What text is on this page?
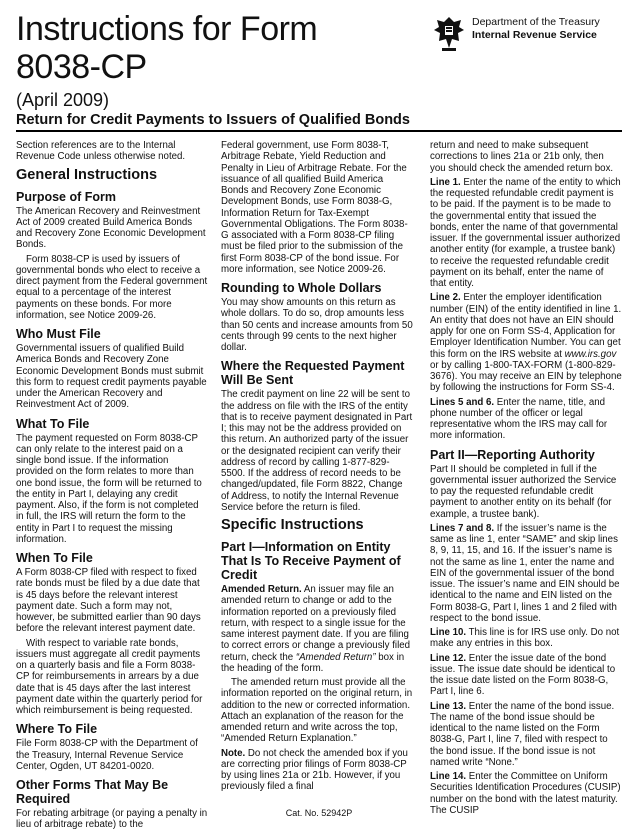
Instructions for Form
8038-CP
(April 2009)
Return for Credit Payments to Issuers of Qualified Bonds
Department of the Treasury
Internal Revenue Service

Section references are to the Internal Revenue Code unless otherwise noted.

General Instructions
Purpose of Form

The American Recovery and Reinvestment Act of 2009 created Build America Bonds and Recovery Zone Economic Development Bonds.

Form 8038-CP is used by issuers of governmental bonds who elect to receive a direct payment from the Federal government equal to a percentage of the interest payments on these bonds. For more information, see Notice 2009-26.

Who Must File

Governmental issuers of qualified Build America Bonds and Recovery Zone Economic Development Bonds must submit this form to request credit payments payable under the American Recovery and Reinvestment Act of 2009.

What To File

The payment requested on Form 8038-CP can only relate to the interest paid on a single bond issue. If the information provided on the form relates to more than one bond issue, the form will be returned to the entity in Part I, delaying any credit payment. Also, if the form is not completed in full, the IRS will return the form to the entity in Part I to request the missing information.

When To File

A Form 8038-CP filed with respect to fixed rate bonds must be filed by a due date that is 45 days before the relevant interest payment date. Such a form may not, however, be submitted earlier than 90 days before the relevant interest payment date.

With respect to variable rate bonds, issuers must aggregate all credit payments on a quarterly basis and file a Form 8038-CP for reimbursements in arrears by a due date that is 45 days after the last interest payment date within the quarterly period for which reimbursement is being requested.

Where To File

File Form 8038-CP with the Department of the Treasury, Internal Revenue Service Center, Ogden, UT 84201-0020.

Other Forms That May Be Required

For rebating arbitrage (or paying a penalty in lieu of arbitrage rebate) to the

Federal government, use Form 8038-T, Arbitrage Rebate, Yield Reduction and Penalty in Lieu of Arbitrage Rebate. For the issuance of all qualified Build America Bonds and Recovery Zone Economic Development Bonds, use Form 8038-G, Information Return for Tax-Exempt Governmental Obligations. The Form 8038-G associated with a Form 8038-CP filing must be filed prior to the submission of the first Form 8038-CP of the bond issue. For more information, see Notice 2009-26.

Rounding to Whole Dollars

You may show amounts on this return as whole dollars. To do so, drop amounts less than 50 cents and increase amounts from 50 cents through 99 cents to the next higher dollar.

Where the Requested Payment Will Be Sent

The credit payment on line 22 will be sent to the address on file with the IRS of the entity that is to receive payment designated in Part I; this may not be the address provided on this return. An authorized party of the issuer or the designated recipient can verify their address of record by calling 1-877-829-5500. If the address of record needs to be changed/updated, file Form 8822, Change of Address, to notify the Internal Revenue Service before the return is filed.

Specific Instructions
Part I—Information on Entity That Is To Receive Payment of Credit

Amended Return. An issuer may file an amended return to change or add to the information reported on a previously filed return, with respect to a single issue for the same interest payment date. If you are filing to correct errors or change a previously filed return, check the “Amended Return” box in the heading of the form.

The amended return must provide all the information reported on the original return, in addition to the new or corrected information. Attach an explanation of the reason for the amended return and write across the top, “Amended Return Explanation.”

Note. Do not check the amended box if you are correcting prior filings of Form 8038-CP by using lines 21a or 21b. However, if you previously filed a final

return and need to make subsequent corrections to lines 21a or 21b only, then you should check the amended return box.

Line 1. Enter the name of the entity to which the requested refundable credit payment is to be paid. If the payment is to be made to the governmental entity that issued the bonds, enter the name of that governmental issuer. If the governmental issuer authorized another entity (for example, a trustee bank) to receive the requested refundable credit payment on its behalf, enter the name of that entity.

Line 2. Enter the employer identification number (EIN) of the entity identified in line 1. An entity that does not have an EIN should apply for one on Form SS-4, Application for Employer Identification Number. You can get this form on the IRS website at www.irs.gov or by calling 1-800-TAX-FORM (1-800-829-3676). You may receive an EIN by telephone by following the instructions for Form SS-4.

Lines 5 and 6. Enter the name, title, and phone number of the officer or legal representative whom the IRS may call for more information.

Part II—Reporting Authority

Part II should be completed in full if the governmental issuer authorized the Service to pay the requested refundable credit payment to another entity on its behalf (for example, a trustee bank).

Lines 7 and 8. If the issuer’s name is the same as line 1, enter “SAME” and skip lines 8, 9, 11, 15, and 16. If the issuer’s name is not the same as line 1, enter the name and EIN of the governmental issuer of the bond issue. The issuer’s name and EIN should be identical to the name and EIN listed on the Form 8038-G, Part I, lines 1 and 2 filed with respect to the bond issue.

Line 10. This line is for IRS use only. Do not make any entries in this box.

Line 12. Enter the issue date of the bond issue. The issue date should be identical to the issue date listed on the Form 8038-G, Part I, line 6.

Line 13. Enter the name of the bond issue. The name of the bond issue should be identical to the name listed on the Form 8038-G, Part I, line 7, filed with respect to the bond issue. If the bond issue is not named write “None.”

Line 14. Enter the Committee on Uniform Securities Identification Procedures (CUSIP) number on the bond with the latest maturity. The CUSIP

Cat. No. 52942P
